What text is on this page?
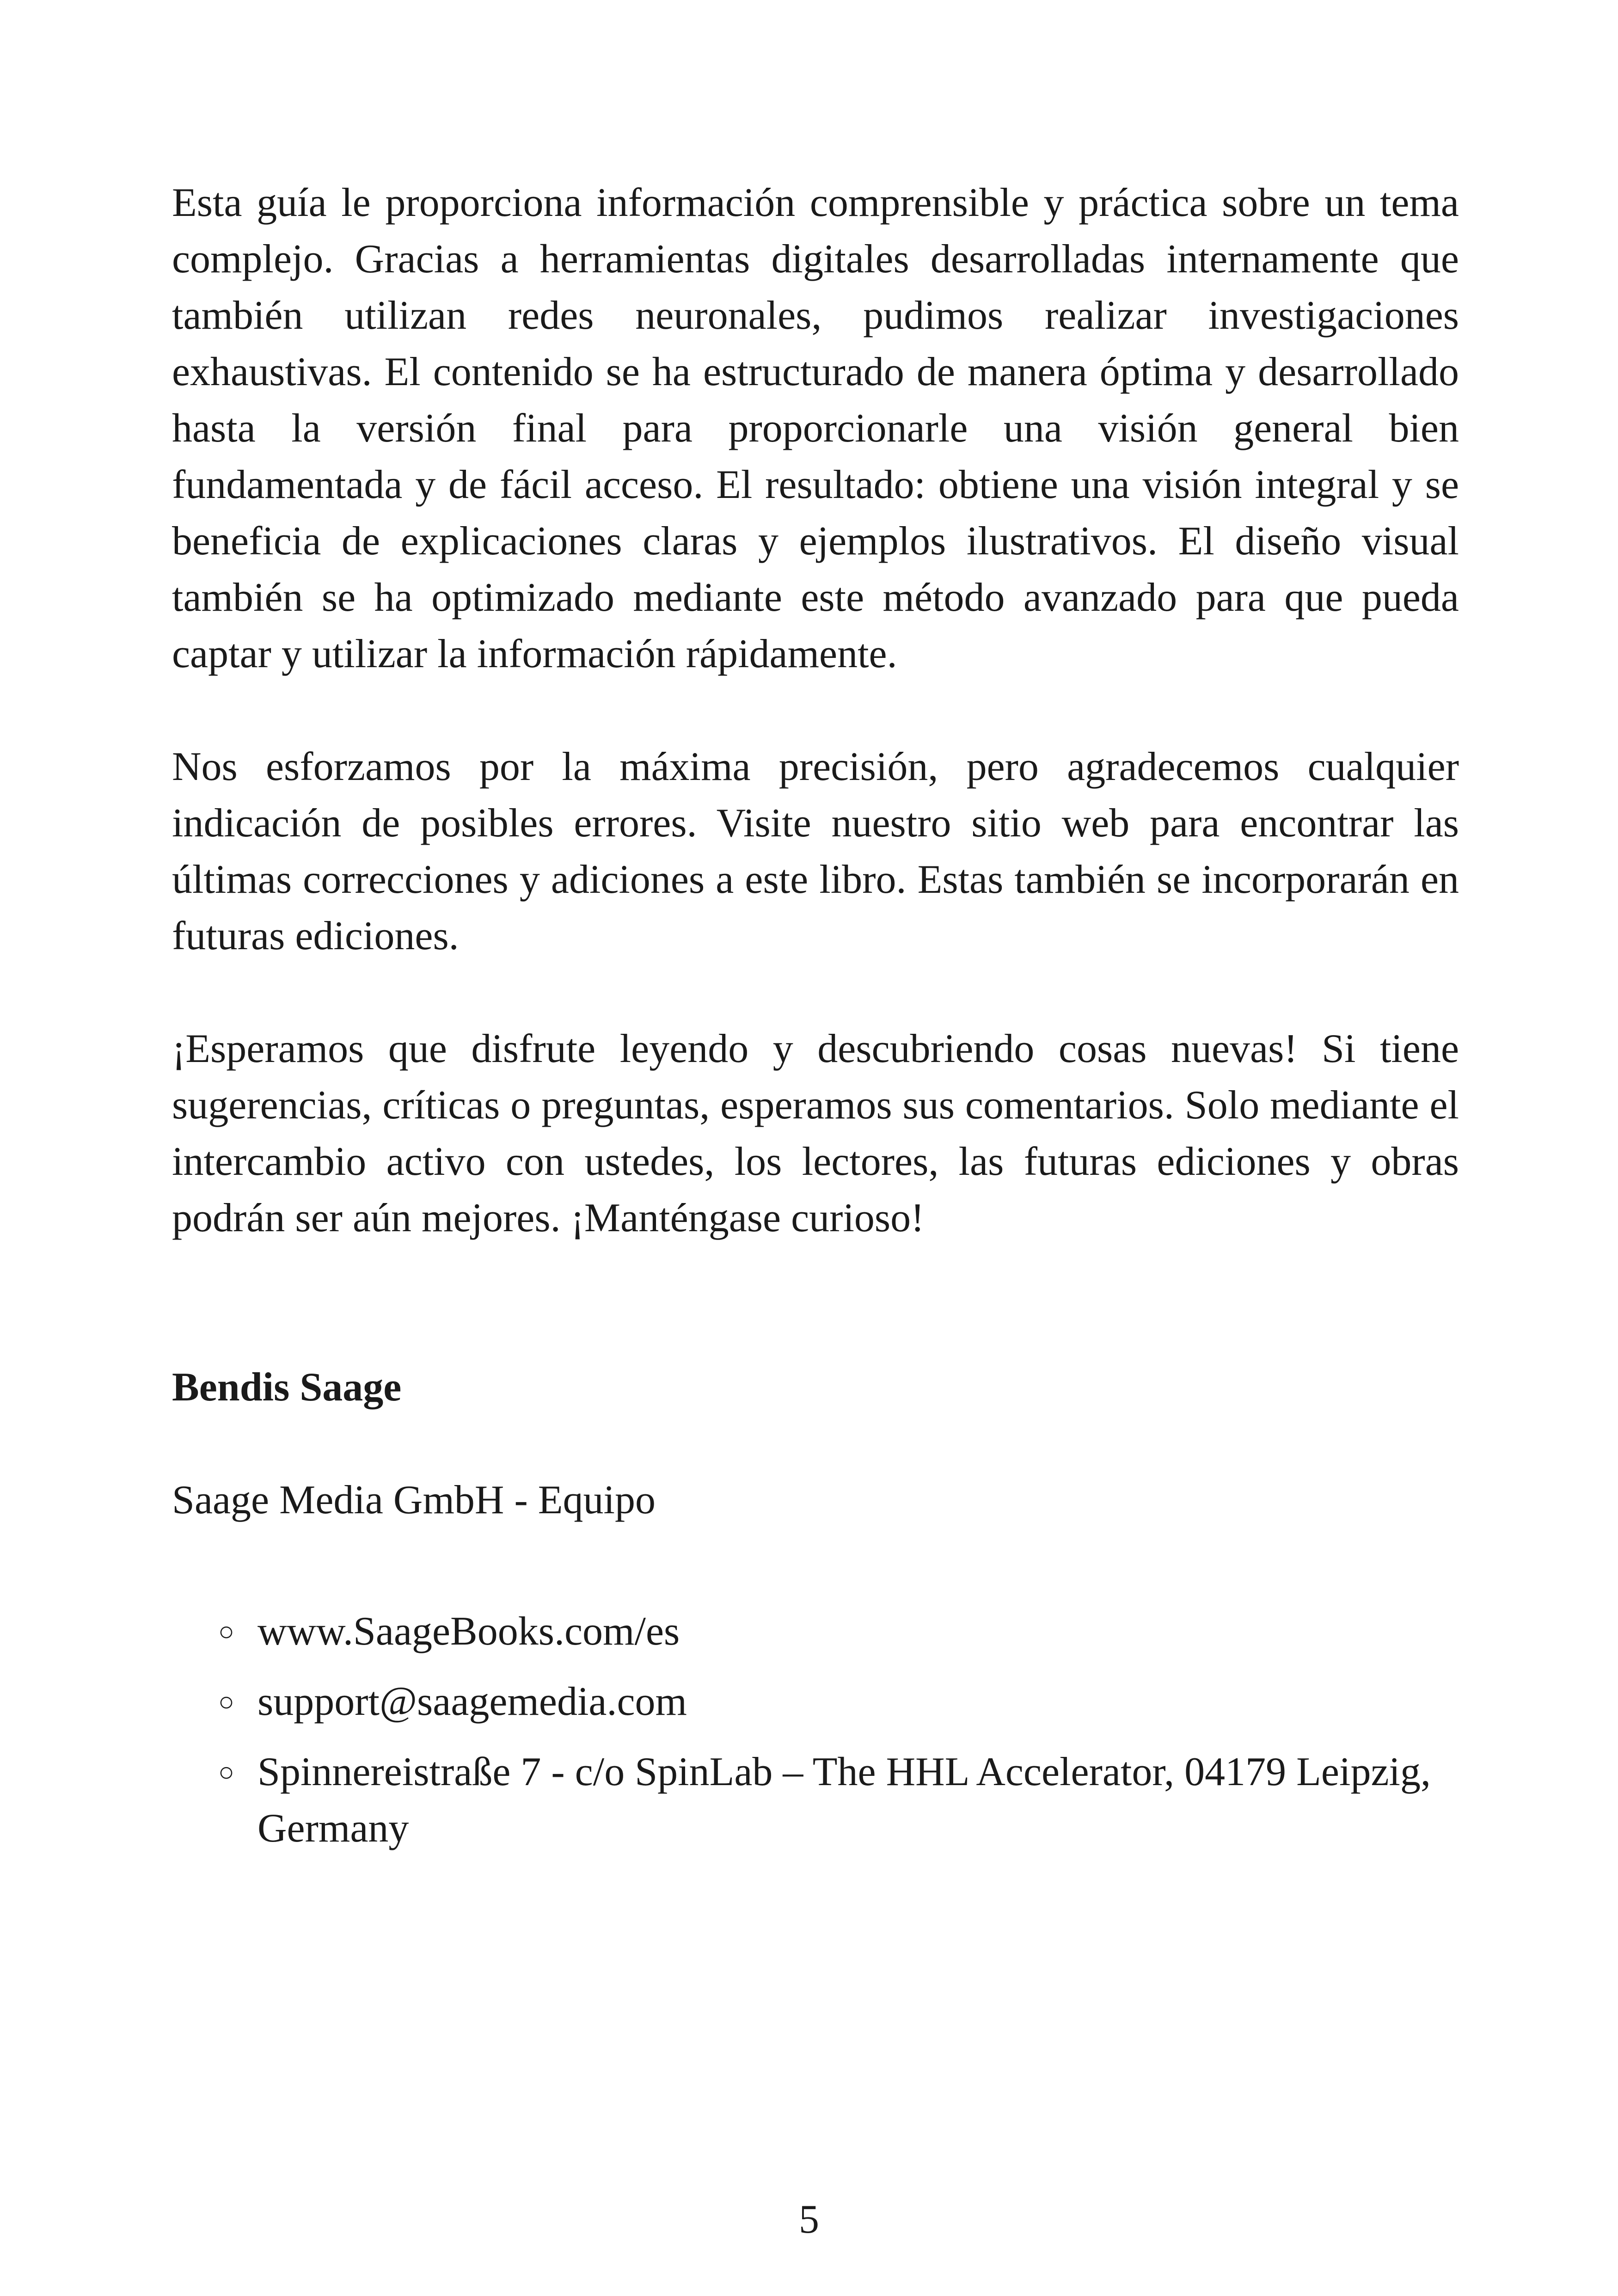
Esta guía le proporciona información comprensible y práctica sobre un tema complejo. Gracias a herramientas digitales desarrolladas internamente que también utilizan redes neuronales, pudimos realizar investigaciones exhaustivas. El contenido se ha estructurado de manera óptima y desarrollado hasta la versión final para proporcionarle una visión general bien fundamentada y de fácil acceso. El resultado: obtiene una visión integral y se beneficia de explicaciones claras y ejemplos ilustrativos. El diseño visual también se ha optimizado mediante este método avanzado para que pueda captar y utilizar la información rápidamente.

Nos esforzamos por la máxima precisión, pero agradecemos cualquier indicación de posibles errores. Visite nuestro sitio web para encontrar las últimas correcciones y adiciones a este libro. Estas también se incorporarán en futuras ediciones.

¡Esperamos que disfrute leyendo y descubriendo cosas nuevas! Si tiene sugerencias, críticas o preguntas, esperamos sus comentarios. Solo mediante el intercambio activo con ustedes, los lectores, las futuras ediciones y obras podrán ser aún mejores. ¡Manténgase curioso!

Bendis Saage
Saage Media GmbH - Equipo
○ www.SaageBooks.com/es
○ support@saagemedia.com
○ Spinnereistraße 7 - c/o SpinLab – The HHL Accelerator, 04179 Leipzig, Germany
5
